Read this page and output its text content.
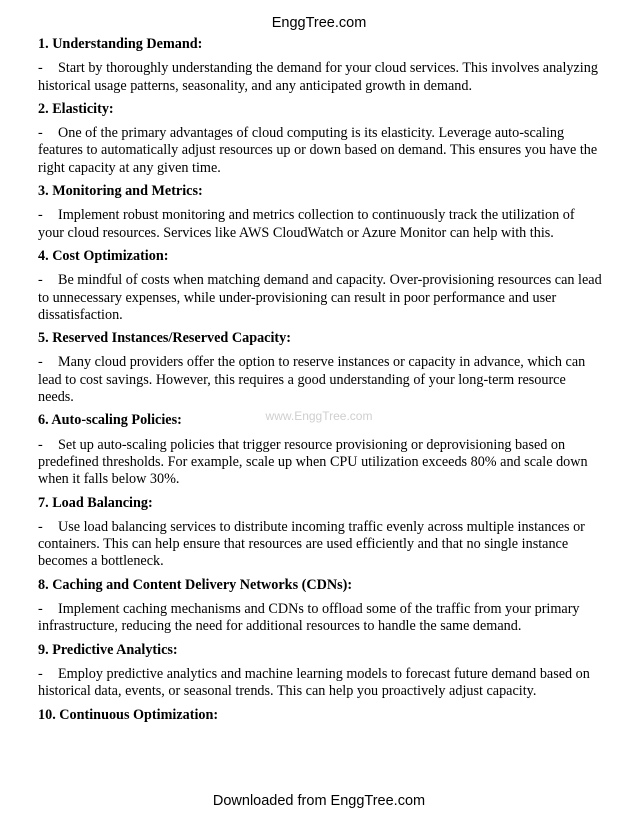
EnggTree.com
1. Understanding Demand:
- Start by thoroughly understanding the demand for your cloud services. This involves analyzing historical usage patterns, seasonality, and any anticipated growth in demand.
2. Elasticity:
- One of the primary advantages of cloud computing is its elasticity. Leverage auto-scaling features to automatically adjust resources up or down based on demand. This ensures you have the right capacity at any given time.
3. Monitoring and Metrics:
- Implement robust monitoring and metrics collection to continuously track the utilization of your cloud resources. Services like AWS CloudWatch or Azure Monitor can help with this.
4. Cost Optimization:
- Be mindful of costs when matching demand and capacity. Over-provisioning resources can lead to unnecessary expenses, while under-provisioning can result in poor performance and user dissatisfaction.
5. Reserved Instances/Reserved Capacity:
- Many cloud providers offer the option to reserve instances or capacity in advance, which can lead to cost savings. However, this requires a good understanding of your long-term resource needs.
6. Auto-scaling Policies:
- Set up auto-scaling policies that trigger resource provisioning or deprovisioning based on predefined thresholds. For example, scale up when CPU utilization exceeds 80% and scale down when it falls below 30%.
7. Load Balancing:
- Use load balancing services to distribute incoming traffic evenly across multiple instances or containers. This can help ensure that resources are used efficiently and that no single instance becomes a bottleneck.
8. Caching and Content Delivery Networks (CDNs):
- Implement caching mechanisms and CDNs to offload some of the traffic from your primary infrastructure, reducing the need for additional resources to handle the same demand.
9. Predictive Analytics:
- Employ predictive analytics and machine learning models to forecast future demand based on historical data, events, or seasonal trends. This can help you proactively adjust capacity.
10. Continuous Optimization:
www.EnggTree.com
Downloaded from EnggTree.com
